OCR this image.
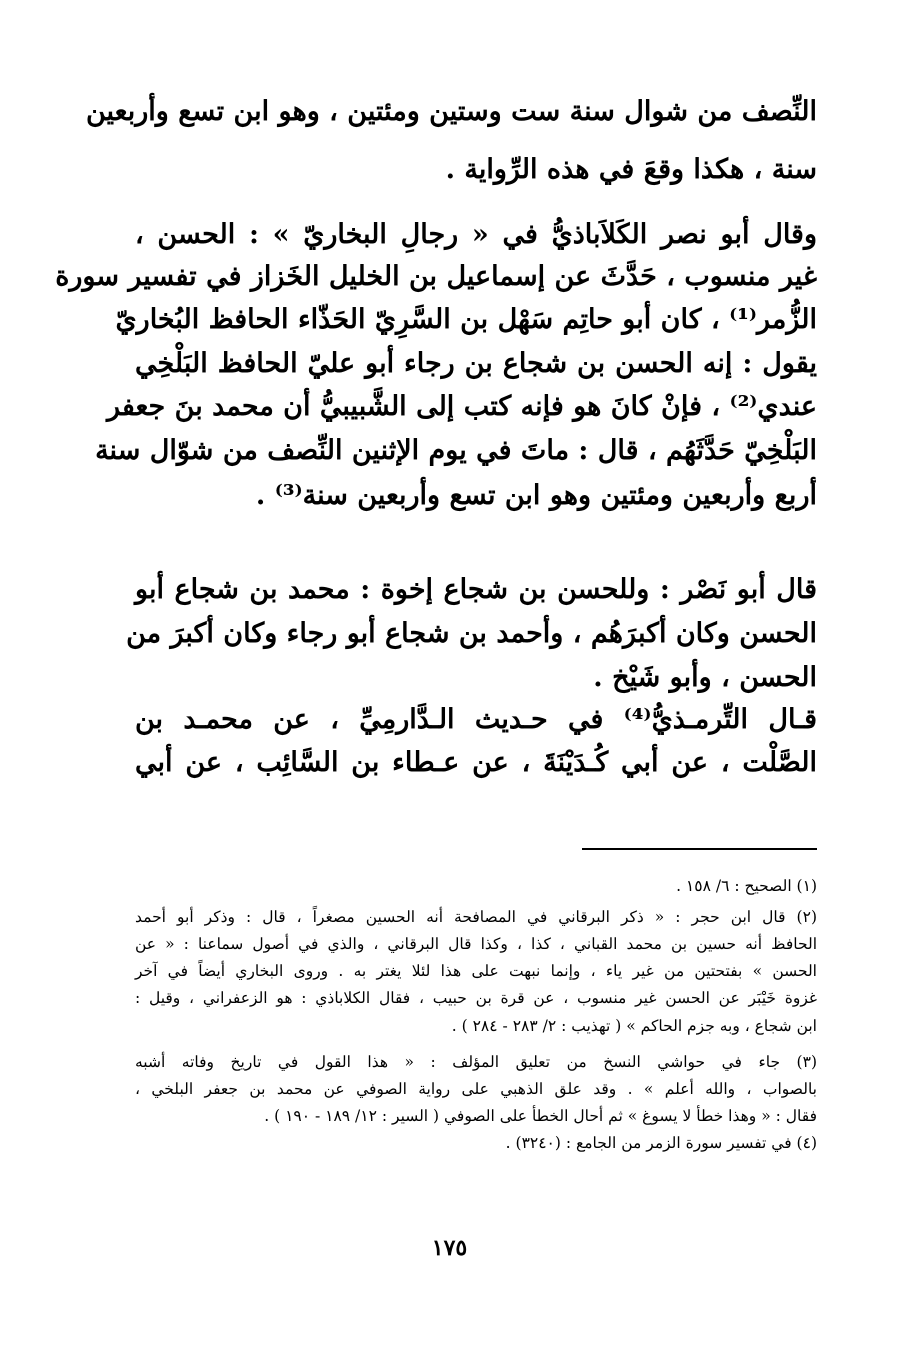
النِّصف من شوال سنة ست وستين ومئتين ، وهو ابن تسع وأربعين
سنة ، هكذا وقعَ في هذه الرِّواية .
وقال أبو نصر الكَلاَباذيُّ في « رجالِ البخاريّ » : الحسن ،
غير منسوب ، حَدَّثَ عن إسماعيل بن الخليل الخَزاز في تفسير سورة
الزُّمر⁽¹⁾ ، كان أبو حاتِم سَهْل بن السَّرِيّ الحَذّاء الحافظ البُخاريّ
يقول : إنه الحسن بن شجاع بن رجاء أبو عليّ الحافظ البَلْخِي
عندي⁽²⁾ ، فإنْ كانَ هو فإنه كتب إلى الشَّبيبيُّ أن محمد بنَ جعفر
البَلْخِيّ حَدَّثَهُم ، قال : ماتَ في يوم الإثنين النِّصف من شوّال سنة
أربع وأربعين ومئتين وهو ابن تسع وأربعين سنة⁽³⁾ .
قال أبو نَصْر : وللحسن بن شجاع إخوة : محمد بن شجاع أبو
الحسن وكان أكبرَهُم ، وأحمد بن شجاع أبو رجاء وكان أكبرَ من
الحسن ، وأبو شَيْخ .
قـال التِّرمـذيُّ⁽⁴⁾ في حـديث الـدَّارمِيِّ ، عن محمـد بن
الصَّلْت ، عن أبي كُـدَيْنَةَ ، عن عـطاء بن السَّائِب ، عن أبي
(١) الصحيح : ٦/ ١٥٨ .
(٢) قال ابن حجر : « ذكر البرقاني في المصافحة أنه الحسين مصغراً ، قال : وذكر أبو أحمد
الحافظ أنه حسين بن محمد القباني ، كذا ، وكذا قال البرقاني ، والذي في أصول سماعنا : « عن
الحسن » بفتحتين من غير ياء ، وإنما نبهت على هذا لئلا يغتر به . وروى البخاري أيضاً في آخر
غزوة خَيْبَر عن الحسن غير منسوب ، عن قرة بن حبيب ، فقال الكلاباذي : هو الزعفراني ، وقيل :
ابن شجاع ، وبه جزم الحاكم » ( تهذيب : ٢/ ٢٨٣ - ٢٨٤ ) .
(٣) جاء في حواشي النسخ من تعليق المؤلف : « هذا القول في تاريخ وفاته أشبه
بالصواب ، والله أعلم » . وقد علق الذهبي على رواية الصوفي عن محمد بن جعفر البلخي ،
فقال : « وهذا خطأ لا يسوغ » ثم أحال الخطأ على الصوفي ( السير : ١٢/ ١٨٩ - ١٩٠ ) .
(٤) في تفسير سورة الزمر من الجامع : (٣٢٤٠) .
١٧٥
